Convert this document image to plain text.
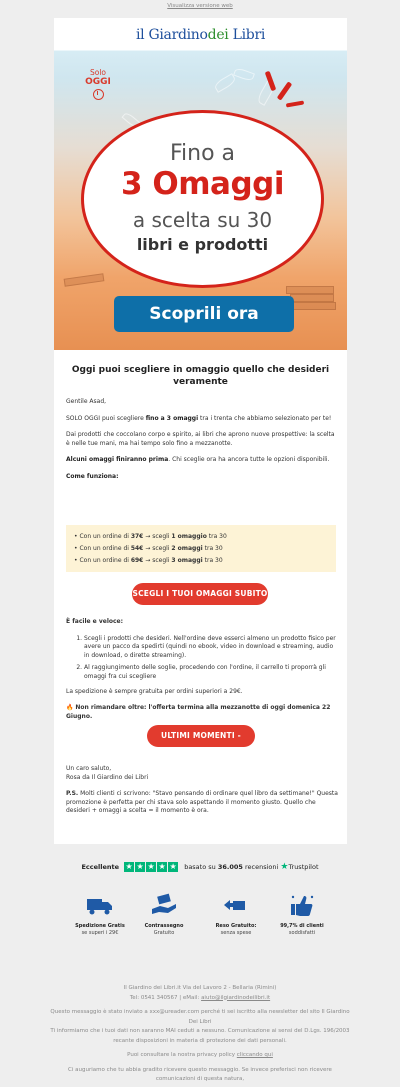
Visualizza versione web
il Giardinodei Libri
Solo
OGGI
Fino a
3 Omaggi
a scelta su 30
libri e prodotti
Scoprili ora
Oggi puoi scegliere in omaggio quello che desideri veramente

Gentile Asad,

SOLO OGGI puoi scegliere fino a 3 omaggi tra i trenta che abbiamo selezionato per te!

Dai prodotti che coccolano corpo e spirito, ai libri che aprono nuove prospettive: la scelta è nelle tue mani, ma hai tempo solo fino a mezzanotte.

Alcuni omaggi finiranno prima. Chi sceglie ora ha ancora tutte le opzioni disponibili.

Come funziona:

• Con un ordine di 37€ → scegli 1 omaggio tra 30
• Con un ordine di 54€ → scegli 2 omaggi tra 30
• Con un ordine di 69€ → scegli 3 omaggi tra 30
SCEGLI I TUOI OMAGGI SUBITO
È facile e veloce:
1. Scegli i prodotti che desideri. Nell'ordine deve esserci almeno un prodotto fisico per avere un pacco da spedirti (quindi no ebook, video in download e streaming, audio in download, o dirette streaming).
2. Al raggiungimento delle soglie, procedendo con l'ordine, il carrello ti proporrà gli omaggi fra cui scegliere

La spedizione è sempre gratuita per ordini superiori a 29€.

🔥 Non rimandare oltre: l'offerta termina alla mezzanotte di oggi domenica 22 Giugno.

ULTIMI MOMENTI - SCEGLI ORA

Un caro saluto,

Rosa da Il Giardino dei Libri

P.S. Molti clienti ci scrivono: "Stavo pensando di ordinare quel libro da settimane!" Questa promozione è perfetta per chi stava solo aspettando il momento giusto. Quello che desideri + omaggi a scelta = il momento è ora.

Eccellente ★ ★ ★ ★ ★ basato su 36.005 recensioni ★Trustpilot
Spedizione Gratis
se superi i 29€
Contrassegno
Gratuito
Reso Gratuito:
senza spese
99,7% di clienti
soddisfatti

Il Giardino dei Libri.it Via del Lavoro 2 - Bellaria (Rimini)
Tel: 0541 340567 | eMail: aiuto@ilgiardinodeilibri.it

Questo messaggio è stato inviato a xxx@ureader.com perché ti sei iscritto alla newsletter del sito Il Giardino Dei Libri
Ti informiamo che i tuoi dati non saranno MAI ceduti a nessuno. Comunicazione ai sensi del D.Lgs. 196/2003 recante disposizioni in materia di protezione dei dati personali.

Puoi consultare la nostra privacy policy cliccando qui

Ci auguriamo che tu abbia gradito ricevere questo messaggio. Se invece preferisci non ricevere comunicazioni di questa natura,
